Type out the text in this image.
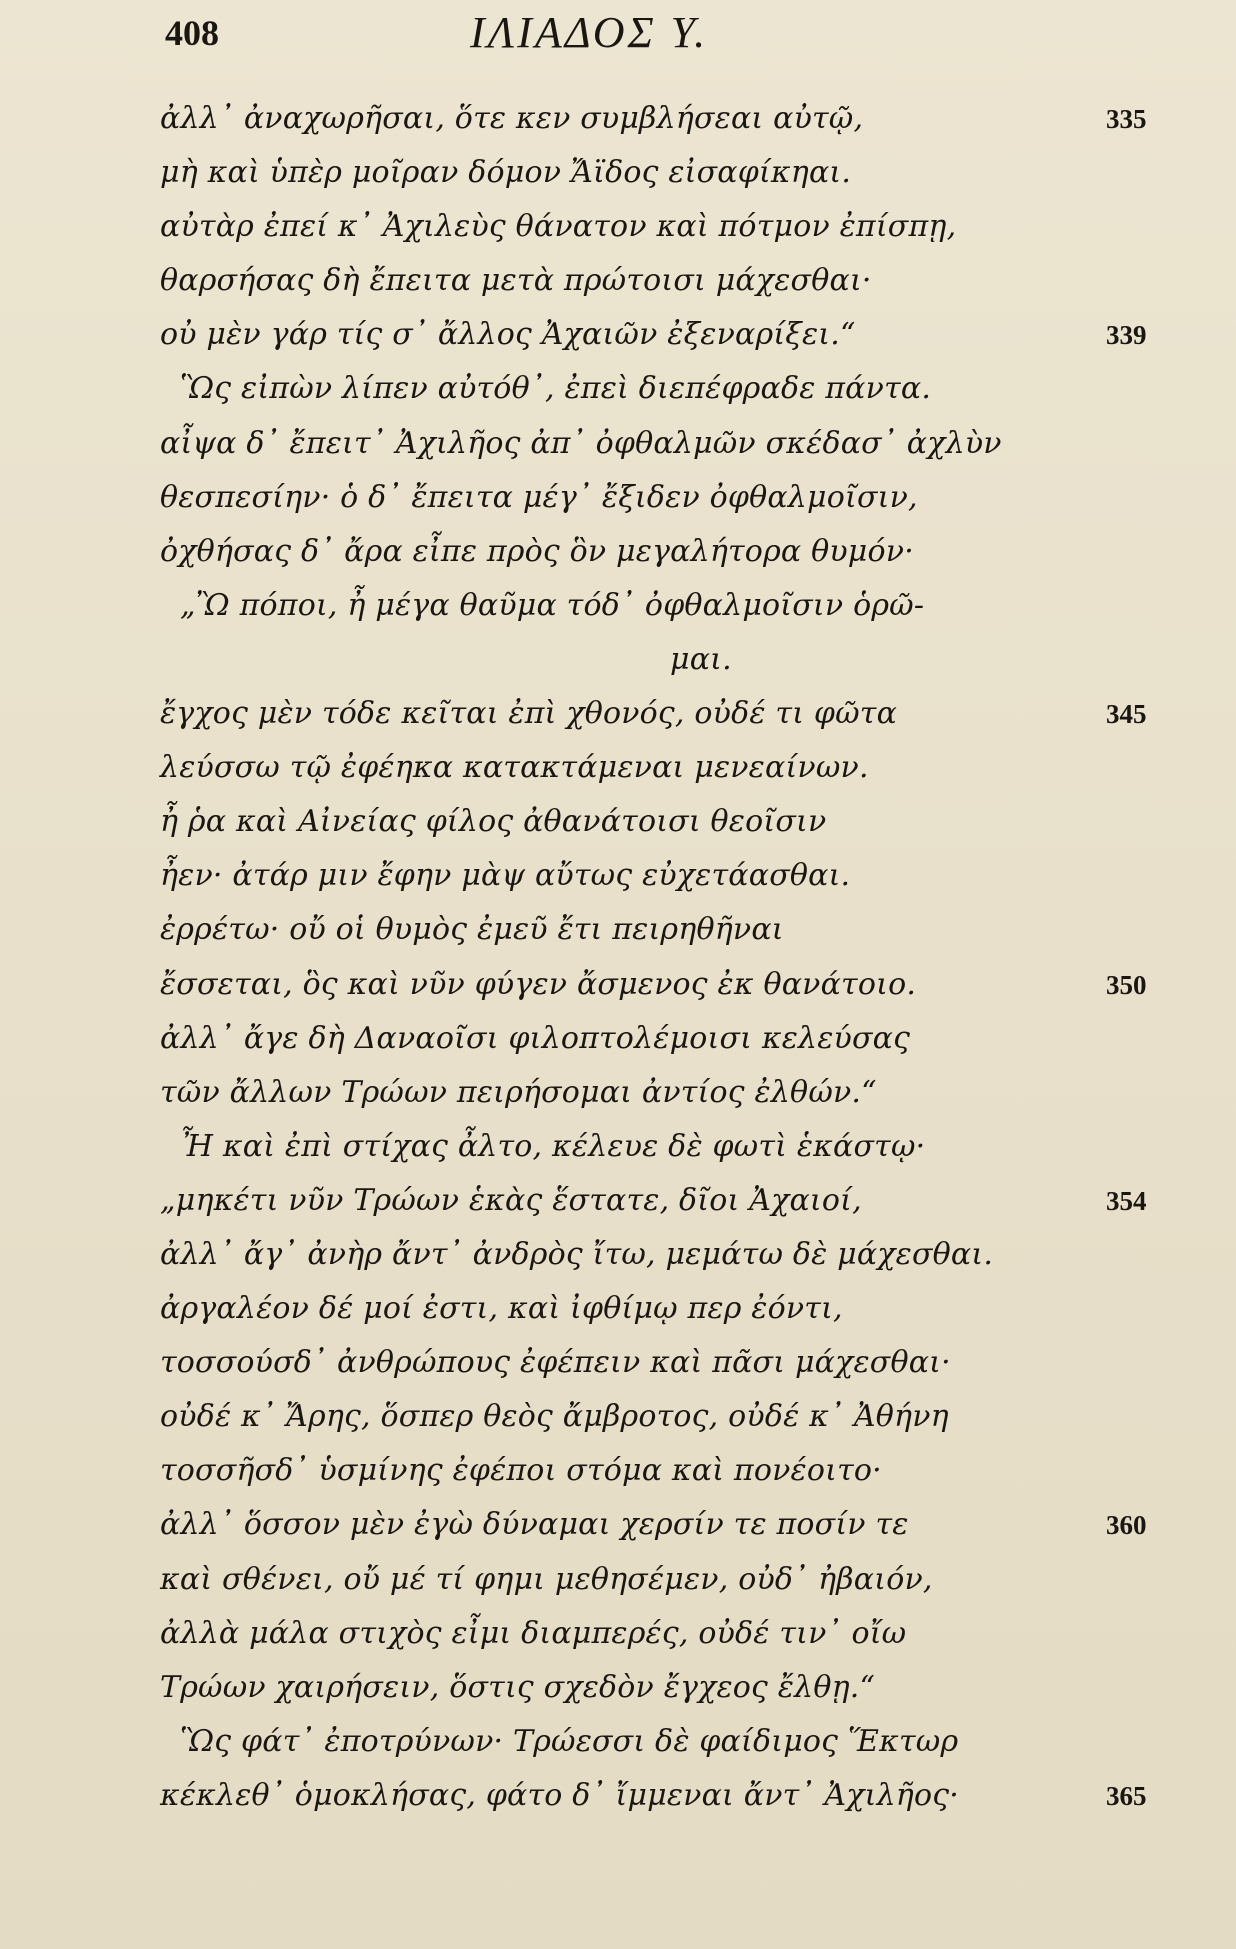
408	ΙΛΙΑΔΟΣ Υ.
ἀλλ᾽ ἀναχωρῆσαι, ὅτε κεν συμβλήσεαι αὐτῷ,	335
μὴ καὶ ὑπὲρ μοῖραν δόμον Ἄϊδος εἰσαφίκηαι.
αὐτὰρ ἐπεί κ᾽ Ἀχιλεὺς θάνατον καὶ πότμον ἐπίσπῃ,
θαρσήσας δὴ ἔπειτα μετὰ πρώτοισι μάχεσθαι·
οὐ μὲν γάρ τίς σ᾽ ἄλλος Ἀχαιῶν ἐξεναρίξει.“	339
Ὣς εἰπὼν λίπεν αὐτόθ᾽, ἐπεὶ διεπέφραδε πάντα.
αἶψα δ᾽ ἔπειτ᾽ Ἀχιλῆος ἀπ᾽ ὀφθαλμῶν σκέδασ᾽ ἀχλὺν
θεσπεσίην· ὁ δ᾽ ἔπειτα μέγ᾽ ἔξιδεν ὀφθαλμοῖσιν,
ὀχθήσας δ᾽ ἄρα εἶπε πρὸς ὃν μεγαλήτορα θυμόν·
„Ὢ πόποι, ἦ μέγα θαῦμα τόδ᾽ ὀφθαλμοῖσιν ὁρῶ-
μαι.
ἔγχος μὲν τόδε κεῖται ἐπὶ χθονός, οὐδέ τι φῶτα	345
λεύσσω τῷ ἐφέηκα κατακτάμεναι μενεαίνων.
ἦ ῥα καὶ Αἰνείας φίλος ἀθανάτοισι θεοῖσιν
ἦεν· ἀτάρ μιν ἔφην μὰψ αὔτως εὐχετάασθαι.
ἐρρέτω· οὔ οἱ θυμὸς ἐμεῦ ἔτι πειρηθῆναι
ἔσσεται, ὃς καὶ νῦν φύγεν ἄσμενος ἐκ θανάτοιο.	350
ἀλλ᾽ ἄγε δὴ Δαναοῖσι φιλοπτολέμοισι κελεύσας
τῶν ἄλλων Τρώων πειρήσομαι ἀντίος ἐλθών.“
Ἦ καὶ ἐπὶ στίχας ἆλτο, κέλευε δὲ φωτὶ ἑκάστῳ·
„μηκέτι νῦν Τρώων ἑκὰς ἕστατε, δῖοι Ἀχαιοί,	354
ἀλλ᾽ ἄγ᾽ ἀνὴρ ἄντ᾽ ἀνδρὸς ἴτω, μεμάτω δὲ μάχεσθαι.
ἀργαλέον δέ μοί ἐστι, καὶ ἰφθίμῳ περ ἐόντι,
τοσσούσδ᾽ ἀνθρώπους ἐφέπειν καὶ πᾶσι μάχεσθαι·
οὐδέ κ᾽ Ἄρης, ὅσπερ θεὸς ἄμβροτος, οὐδέ κ᾽ Ἀθήνη
τοσσῆσδ᾽ ὑσμίνης ἐφέποι στόμα καὶ πονέοιτο·
ἀλλ᾽ ὅσσον μὲν ἐγὼ δύναμαι χερσίν τε ποσίν τε	360
καὶ σθένει, οὔ μέ τί φημι μεθησέμεν, οὐδ᾽ ἠβαιόν,
ἀλλὰ μάλα στιχὸς εἶμι διαμπερές, οὐδέ τιν᾽ οἴω
Τρώων χαιρήσειν, ὅστις σχεδὸν ἔγχεος ἔλθῃ.“
Ὣς φάτ᾽ ἐποτρύνων· Τρώεσσι δὲ φαίδιμος Ἕκτωρ
κέκλεθ᾽ ὁμοκλήσας, φάτο δ᾽ ἴμμεναι ἄντ᾽ Ἀχιλῆος·	365
